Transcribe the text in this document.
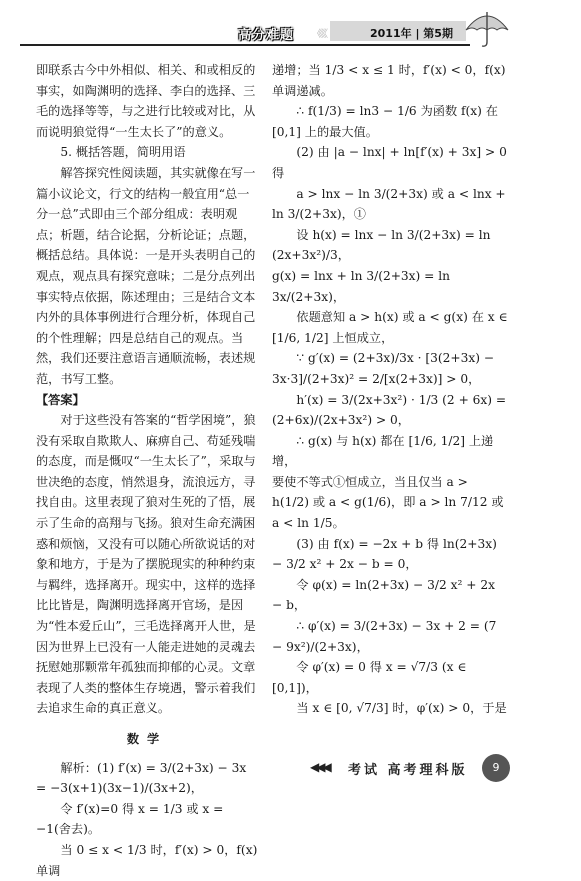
高分难题 《《《	2011年 | 第5期

即联系古今中外相似、相关、和或相反的事实，如陶渊明的选择、李白的选择、三毛的选择等等，与之进行比较或对比，从而说明狼觉得“一生太长了”的意义。

5. 概括答题，简明用语

解答探究性阅读题，其实就像在写一篇小议论文，行文的结构一般宜用“总一分一总”式即由三个部分组成：表明观点；析题，结合论据，分析论证；点题，概括总结。具体说：一是开头表明自己的观点，观点具有探究意味；二是分点列出事实特点依据，陈述理由；三是结合文本内外的具体事例进行合理分析，体现自己的个性理解；四是总结自己的观点。当然，我们还要注意语言通顺流畅，表述规范，书写工整。

【答案】

对于这些没有答案的“哲学困境”，狼没有采取自欺欺人、麻痹自己、苟延残喘的态度，而是慨叹“一生太长了”，采取与世决绝的态度，悄然退身，流浪远方，寻找自由。这里表现了狼对生死的了悟，展示了生命的高翔与飞扬。狼对生命充满困惑和烦恼，又没有可以随心所欲说话的对象和地方，于是为了摆脱现实的种种约束与羁绊，选择离开。现实中，这样的选择比比皆是，陶渊明选择离开官场，是因为“性本爱丘山”，三毛选择离开人世，是因为世界上已没有一人能走进她的灵魂去抚慰她那颗常年孤独而抑郁的心灵。文章表现了人类的整体生存境遇，警示着我们去追求生命的真正意义。

数学

解析：(1) f′(x) = 3/(2+3x) − 3x = −3(x+1)(3x−1)/(3x+2)，

令 f′(x)=0 得 x = 1/3 或 x = −1(舍去)。

当 0 ≤ x < 1/3 时，f′(x) > 0，f(x) 单调

递增；当 1/3 < x ≤ 1 时，f′(x) < 0，f(x) 单调递减。

∴ f(1/3) = ln3 − 1/6 为函数 f(x) 在 [0,1] 上的最大值。

(2) 由 |a − lnx| + ln[f′(x) + 3x] > 0 得

a > lnx − ln 3/(2+3x) 或 a < lnx + ln 3/(2+3x)，①

设 h(x) = lnx − ln 3/(2+3x) = ln (2x+3x²)/3，

g(x) = lnx + ln 3/(2+3x) = ln 3x/(2+3x)，

依题意知 a > h(x) 或 a < g(x) 在 x ∈ [1/6, 1/2] 上恒成立，

∵ g′(x) = (2+3x)/3x · [3(2+3x) − 3x·3]/(2+3x)² = 2/[x(2+3x)] > 0，

h′(x) = 3/(2x+3x²) · 1/3 (2 + 6x) = (2+6x)/(2x+3x²) > 0，

∴ g(x) 与 h(x) 都在 [1/6, 1/2] 上递增，

要使不等式①恒成立，当且仅当 a > h(1/2) 或 a < g(1/6)，即 a > ln 7/12 或 a < ln 1/5。

(3) 由 f(x) = −2x + b 得 ln(2+3x) − 3/2 x² + 2x − b = 0，

令 φ(x) = ln(2+3x) − 3/2 x² + 2x − b，

∴ φ′(x) = 3/(2+3x) − 3x + 2 = (7 − 9x²)/(2+3x)，

令 φ′(x) = 0 得 x = √7/3 (x ∈ [0,1])，

当 x ∈ [0, √7/3] 时，φ′(x) > 0，于是

◀◀◀ 考试 高考理科版	9
